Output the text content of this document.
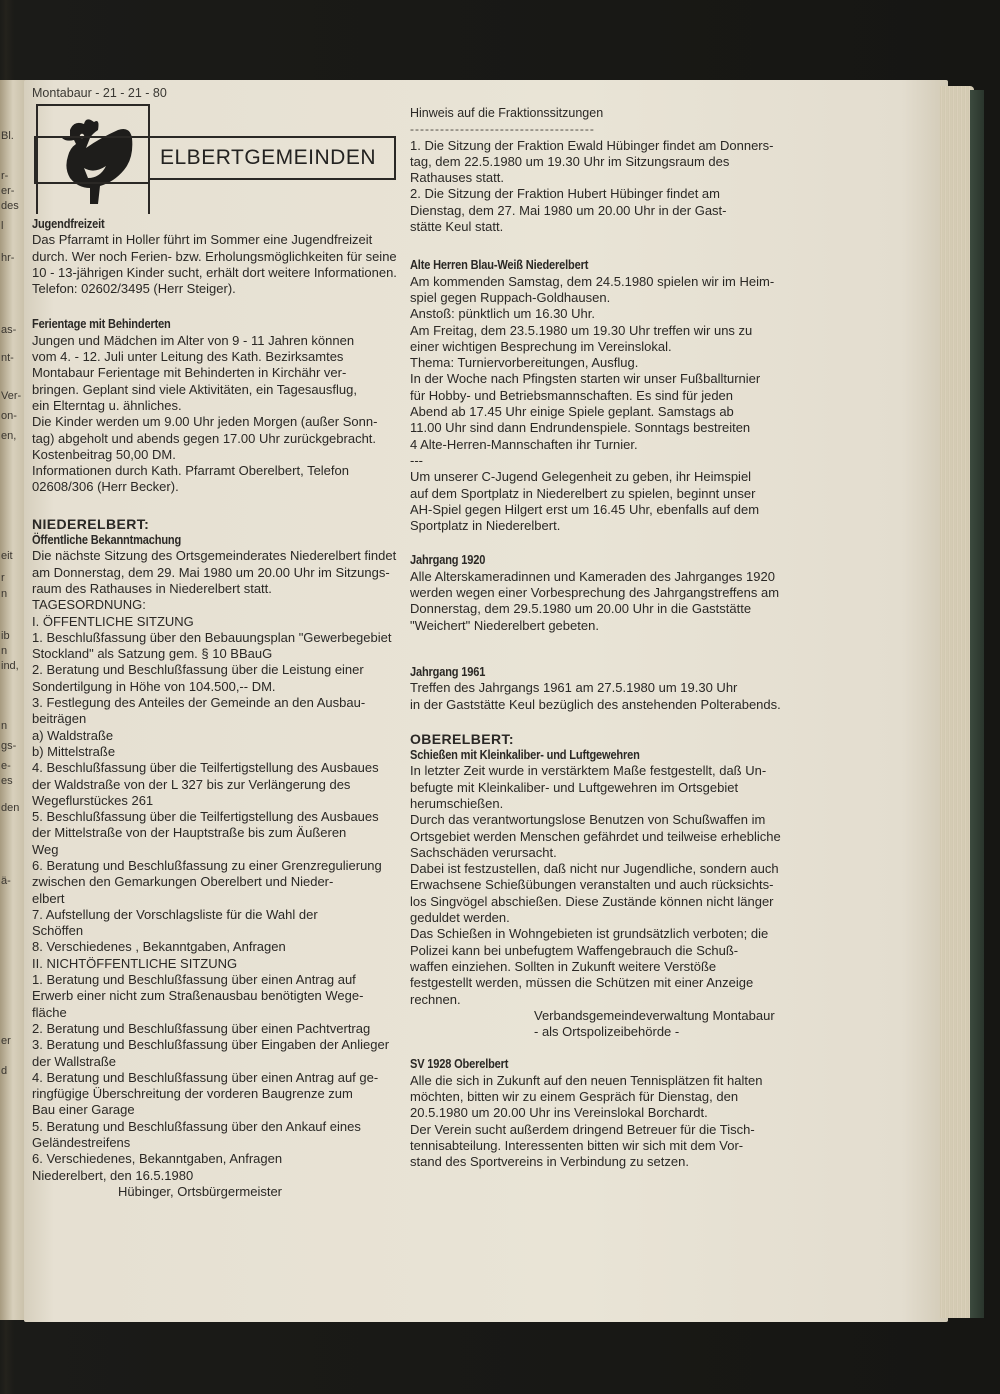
Bl.
r-
er-
des
l
hr-
as-
nt-
Ver-
on-
en,
eit
r
n
ib
n
ind,
n
gs-
e-
es
den
ä-
er
d
Montabaur - 21 - 21 - 80
ELBERTGEMEINDEN
Jugendfreizeit
Das Pfarramt in Holler führt im Sommer eine Jugendfreizeit
durch. Wer noch Ferien- bzw. Erholungsmöglichkeiten für seine
10 - 13-jährigen Kinder sucht, erhält dort weitere Informationen.
Telefon: 02602/3495 (Herr Steiger).
Ferientage mit Behinderten
Jungen und Mädchen im Alter von 9 - 11 Jahren können
vom 4. - 12. Juli unter Leitung des Kath. Bezirksamtes
Montabaur Ferientage mit Behinderten in Kirchähr ver-
bringen. Geplant sind viele Aktivitäten, ein Tagesausflug,
ein Elterntag u. ähnliches.
Die Kinder werden um 9.00 Uhr jeden Morgen (außer Sonn-
tag) abgeholt und abends gegen 17.00 Uhr zurückgebracht.
Kostenbeitrag 50,00 DM.
Informationen durch Kath. Pfarramt Oberelbert, Telefon
02608/306 (Herr Becker).
NIEDERELBERT:
Öffentliche Bekanntmachung
Die nächste Sitzung des Ortsgemeinderates Niederelbert findet
am Donnerstag, dem 29. Mai 1980 um 20.00 Uhr im Sitzungs-
raum des Rathauses in Niederelbert statt.
TAGESORDNUNG:
I. ÖFFENTLICHE SITZUNG
1. Beschlußfassung über den Bebauungsplan "Gewerbegebiet
Stockland" als Satzung gem. § 10 BBauG
2. Beratung und Beschlußfassung über die Leistung einer
Sondertilgung in Höhe von 104.500,-- DM.
3. Festlegung des Anteiles der Gemeinde an den Ausbau-
beiträgen
a) Waldstraße
b) Mittelstraße
4. Beschlußfassung über die Teilfertigstellung des Ausbaues
der Waldstraße von der L 327 bis zur Verlängerung des
Wegeflurstückes 261
5. Beschlußfassung über die Teilfertigstellung des Ausbaues
der Mittelstraße von der Hauptstraße bis zum Äußeren
Weg
6. Beratung und Beschlußfassung zu einer Grenzregulierung
zwischen den Gemarkungen Oberelbert und Nieder-
elbert
7. Aufstellung der Vorschlagsliste für die Wahl der
Schöffen
8. Verschiedenes , Bekanntgaben, Anfragen
II. NICHTÖFFENTLICHE SITZUNG
1. Beratung und Beschlußfassung über einen Antrag auf
Erwerb einer nicht zum Straßenausbau benötigten Wege-
fläche
2. Beratung und Beschlußfassung über einen Pachtvertrag
3. Beratung und Beschlußfassung über Eingaben der Anlieger
der Wallstraße
4. Beratung und Beschlußfassung über einen Antrag auf ge-
ringfügige Überschreitung der vorderen Baugrenze zum
Bau einer Garage
5. Beratung und Beschlußfassung über den Ankauf eines
Geländestreifens
6. Verschiedenes, Bekanntgaben, Anfragen
Niederelbert, den 16.5.1980
Hübinger, Ortsbürgermeister
Hinweis auf die Fraktionssitzungen
-------------------------------------
1. Die Sitzung der Fraktion Ewald Hübinger findet am Donners-
tag, dem 22.5.1980 um 19.30 Uhr im Sitzungsraum des
Rathauses statt.
2. Die Sitzung der Fraktion Hubert Hübinger findet am
Dienstag, dem 27. Mai 1980 um 20.00 Uhr in der Gast-
stätte Keul statt.
Alte Herren Blau-Weiß Niederelbert
Am kommenden Samstag, dem 24.5.1980 spielen wir im Heim-
spiel gegen Ruppach-Goldhausen.
Anstoß: pünktlich um 16.30 Uhr.
Am Freitag, dem 23.5.1980 um 19.30 Uhr treffen wir uns zu
einer wichtigen Besprechung im Vereinslokal.
Thema: Turniervorbereitungen, Ausflug.
In der Woche nach Pfingsten starten wir unser Fußballturnier
für Hobby- und Betriebsmannschaften. Es sind für jeden
Abend ab 17.45 Uhr einige Spiele geplant. Samstags ab
11.00 Uhr sind dann Endrundenspiele. Sonntags bestreiten
4 Alte-Herren-Mannschaften ihr Turnier.
---
Um unserer C-Jugend Gelegenheit zu geben, ihr Heimspiel
auf dem Sportplatz in Niederelbert zu spielen, beginnt unser
AH-Spiel gegen Hilgert erst um 16.45 Uhr, ebenfalls auf dem
Sportplatz in Niederelbert.
Jahrgang 1920
Alle Alterskameradinnen und Kameraden des Jahrganges 1920
werden wegen einer Vorbesprechung des Jahrgangstreffens am
Donnerstag, dem 29.5.1980 um 20.00 Uhr in die Gaststätte
"Weichert" Niederelbert gebeten.
Jahrgang 1961
Treffen des Jahrgangs 1961 am 27.5.1980 um 19.30 Uhr
in der Gaststätte Keul bezüglich des anstehenden Polterabends.
OBERELBERT:
Schießen mit Kleinkaliber- und Luftgewehren
In letzter Zeit wurde in verstärktem Maße festgestellt, daß Un-
befugte mit Kleinkaliber- und Luftgewehren im Ortsgebiet
herumschießen.
Durch das verantwortungslose Benutzen von Schußwaffen im
Ortsgebiet werden Menschen gefährdet und teilweise erhebliche
Sachschäden verursacht.
Dabei ist festzustellen, daß nicht nur Jugendliche, sondern auch
Erwachsene Schießübungen veranstalten und auch rücksichts-
los Singvögel abschießen. Diese Zustände können nicht länger
geduldet werden.
Das Schießen in Wohngebieten ist grundsätzlich verboten; die
Polizei kann bei unbefugtem Waffengebrauch die Schuß-
waffen einziehen. Sollten in Zukunft weitere Verstöße
festgestellt werden, müssen die Schützen mit einer Anzeige
rechnen.
Verbandsgemeindeverwaltung Montabaur
- als Ortspolizeibehörde -
SV 1928 Oberelbert
Alle die sich in Zukunft auf den neuen Tennisplätzen fit halten
möchten, bitten wir zu einem Gespräch für Dienstag, den
20.5.1980 um 20.00 Uhr ins Vereinslokal Borchardt.
Der Verein sucht außerdem dringend Betreuer für die Tisch-
tennisabteilung. Interessenten bitten wir sich mit dem Vor-
stand des Sportvereins in Verbindung zu setzen.
